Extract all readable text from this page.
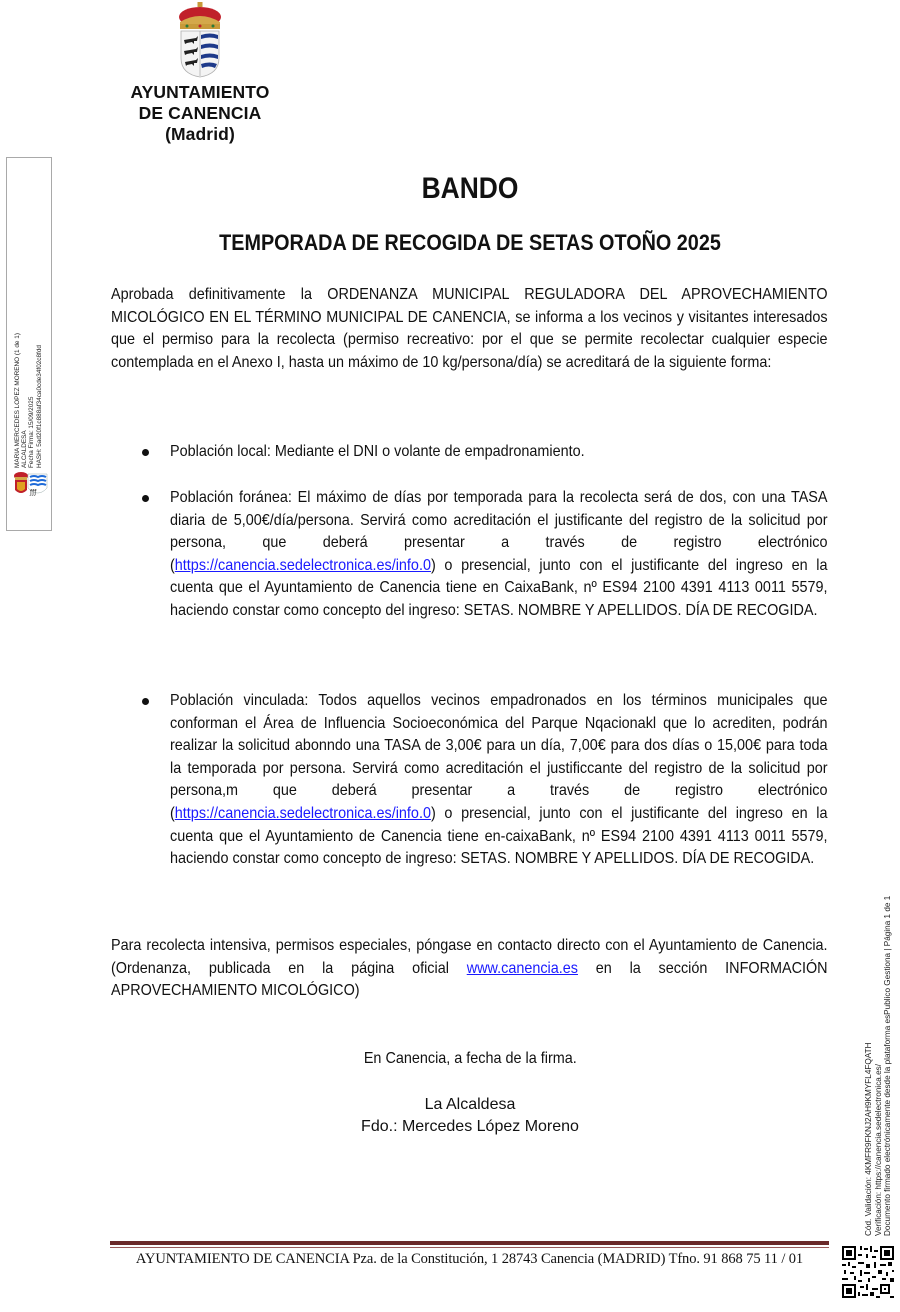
AYUNTAMIENTO
DE CANENCIA
(Madrid)
MARIA MERCEDES LOPEZ MORENO (1 de 1) ALCALDESA Fecha Firma: 15/09/2025 HASH: 5ad20f1c888af34ca0cde34f02c8fdd
ƒƒƒ
BANDO
TEMPORADA DE RECOGIDA DE SETAS OTOÑO 2025
Aprobada definitivamente la ORDENANZA MUNICIPAL REGULADORA DEL APROVECHAMIENTO MICOLÓGICO EN EL TÉRMINO MUNICIPAL DE CANENCIA, se informa a los vecinos y visitantes interesados que el permiso para la recolecta (permiso recreativo: por el que se permite recolectar cualquier especie contemplada en el Anexo I, hasta un máximo de 10 kg/persona/día) se acreditará de la siguiente forma:
Población local: Mediante el DNI o volante de empadronamiento.
Población foránea: El máximo de días por temporada para la recolecta será de dos, con una TASA diaria de 5,00€/día/persona. Servirá como acreditación el justificante del registro de la solicitud por persona, que deberá presentar a través de registro electrónico (https://canencia.sedelectronica.es/info.0) o presencial, junto con el justificante del ingreso en la cuenta que el Ayuntamiento de Canencia tiene en CaixaBank, nº ES94 2100 4391 4113 0011 5579, haciendo constar como concepto del ingreso: SETAS. NOMBRE Y APELLIDOS. DÍA DE RECOGIDA.
Población vinculada: Todos aquellos vecinos empadronados en los términos municipales que conforman el Área de Influencia Socioeconómica del Parque Nqacionakl que lo acrediten, podrán realizar la solicitud abonndo una TASA de 3,00€ para un día, 7,00€ para dos días o 15,00€ para toda la temporada por persona. Servirá como acreditación el justificcante del registro de la solicitud por persona,m que deberá presentar a través de registro electrónico (https://canencia.sedelectronica.es/info.0) o presencial, junto con el justificante del ingreso en la cuenta que el Ayuntamiento de Canencia tiene en-caixaBank, nº ES94 2100 4391 4113 0011 5579, haciendo constar como concepto de ingreso: SETAS. NOMBRE Y APELLIDOS. DÍA DE RECOGIDA.
Para recolecta intensiva, permisos especiales, póngase en contacto directo con el Ayuntamiento de Canencia. (Ordenanza, publicada en la página oficial www.canencia.es en la sección INFORMACIÓN APROVECHAMIENTO MICOLÓGICO)
En Canencia, a fecha de la firma.
La Alcaldesa
Fdo.: Mercedes López Moreno	Cód. Validación: 4KMFR9FKNJ2AH9KMYFL4FQATH Verificación: https://canencia.sedelectronica.es/ Documento firmado electrónicamente desde la plataforma esPublico Gestiona | Página 1 de 1
AYUNTAMIENTO DE CANENCIA Pza. de la Constitución, 1 28743 Canencia (MADRID) Tfno. 91 868 75 11 / 01
